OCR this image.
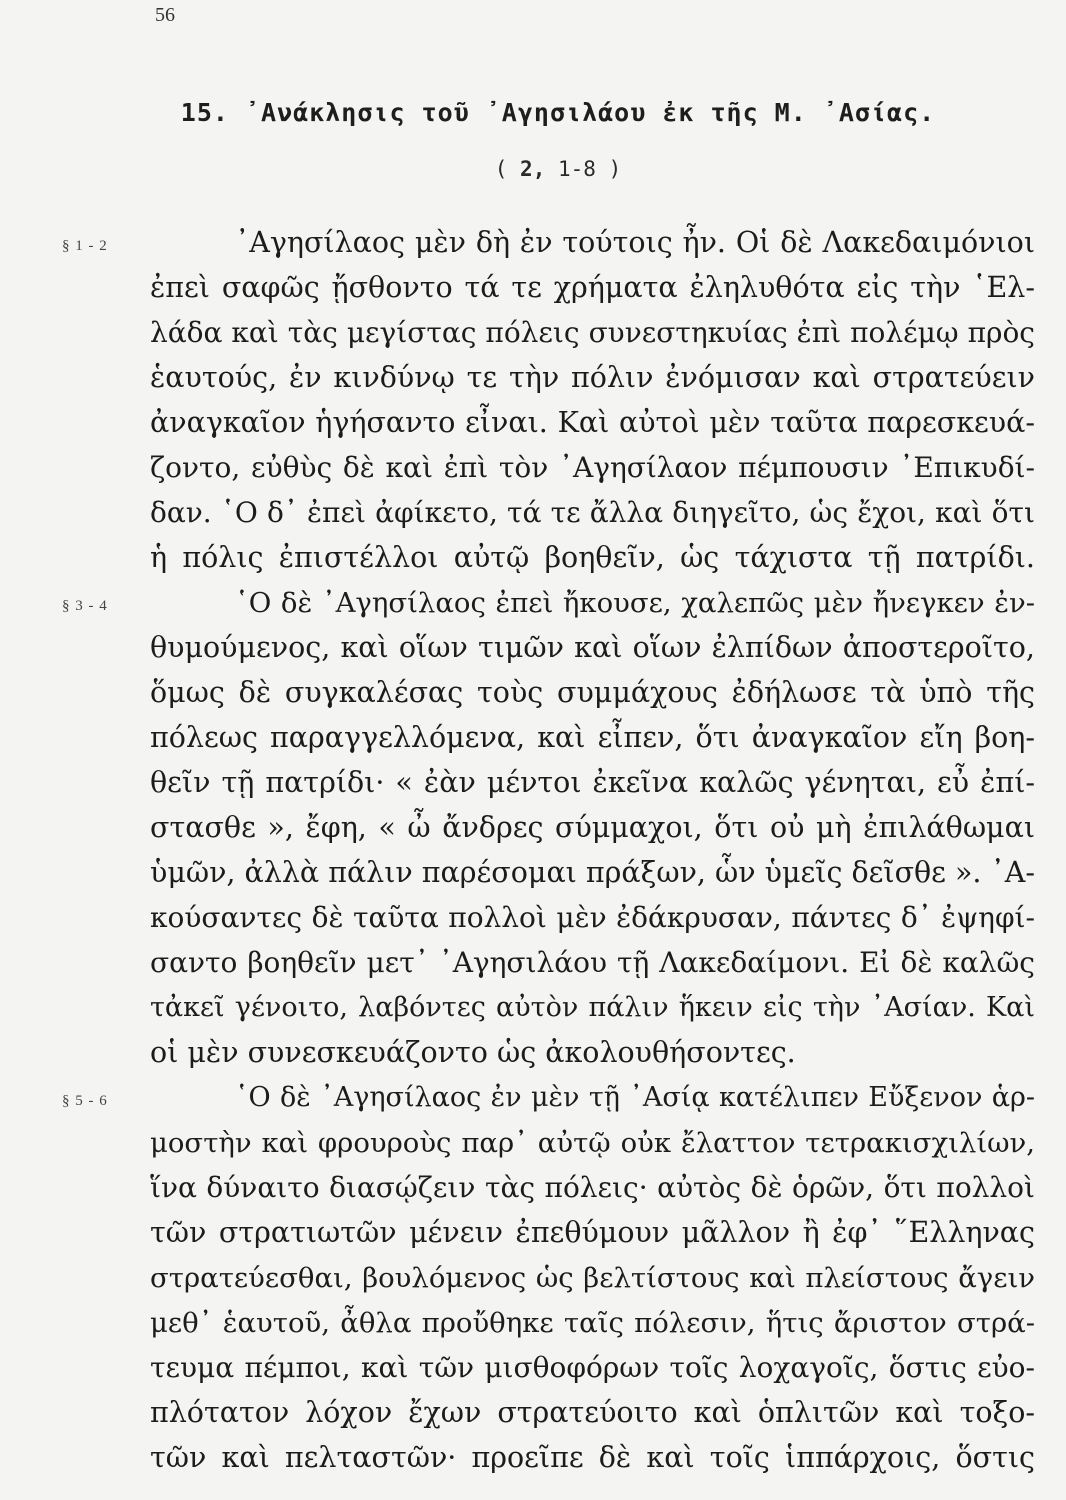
56
15. ᾿Ανάκλησις τοῦ ᾿Αγησιλάου ἐκ τῆς Μ. ᾿Ασίας.
( 2, 1-8 )
§ 1 - 2	᾿Αγησίλαος μὲν δὴ ἐν τούτοις ἦν. Οἱ δὲ Λακεδαιμόνιοι
ἐπεὶ σαφῶς ᾔσθοντο τά τε χρήματα ἐληλυθότα εἰς τὴν ῾Ελ-
λάδα καὶ τὰς μεγίστας πόλεις συνεστηκυίας ἐπὶ πολέμῳ πρὸς
ἑαυτούς, ἐν κινδύνῳ τε τὴν πόλιν ἐνόμισαν καὶ στρατεύειν
ἀναγκαῖον ἡγήσαντο εἶναι. Καὶ αὐτοὶ μὲν ταῦτα παρεσκευά-
ζοντο, εὐθὺς δὲ καὶ ἐπὶ τὸν ᾿Αγησίλαον πέμπουσιν ᾿Επικυδί-
δαν. ῾Ο δ᾿ ἐπεὶ ἀφίκετο, τά τε ἄλλα διηγεῖτο, ὡς ἔχοι, καὶ ὅτι
ἡ πόλις ἐπιστέλλοι αὐτῷ βοηθεῖν, ὡς τάχιστα τῇ πατρίδι.
§ 3 - 4	῾Ο δὲ ᾿Αγησίλαος ἐπεὶ ἤκουσε, χαλεπῶς μὲν ἤνεγκεν ἐν-
θυμούμενος, καὶ οἵων τιμῶν καὶ οἵων ἐλπίδων ἀποστεροῖτο,
ὅμως δὲ συγκαλέσας τοὺς συμμάχους ἐδήλωσε τὰ ὑπὸ τῆς
πόλεως παραγγελλόμενα, καὶ εἶπεν, ὅτι ἀναγκαῖον εἴη βοη-
θεῖν τῇ πατρίδι· « ἐὰν μέντοι ἐκεῖνα καλῶς γένηται, εὖ ἐπί-
στασθε », ἔφη, « ὦ ἄνδρες σύμμαχοι, ὅτι οὐ μὴ ἐπιλάθωμαι
ὑμῶν, ἀλλὰ πάλιν παρέσομαι πράξων, ὧν ὑμεῖς δεῖσθε ». ᾿Α-
κούσαντες δὲ ταῦτα πολλοὶ μὲν ἐδάκρυσαν, πάντες δ᾿ ἐψηφί-
σαντο βοηθεῖν μετ᾿ ᾿Αγησιλάου τῇ Λακεδαίμονι. Εἰ δὲ καλῶς
τἀκεῖ γένοιτο, λαβόντες αὐτὸν πάλιν ἥκειν εἰς τὴν ᾿Ασίαν. Καὶ
οἱ μὲν συνεσκευάζοντο ὡς ἀκολουθήσοντες.
§ 5 - 6	῾Ο δὲ ᾿Αγησίλαος ἐν μὲν τῇ ᾿Ασίᾳ κατέλιπεν Εὔξενον ἁρ-
μοστὴν καὶ φρουροὺς παρ᾿ αὐτῷ οὐκ ἔλαττον τετρακισχιλίων,
ἵνα δύναιτο διασῴζειν τὰς πόλεις· αὐτὸς δὲ ὁρῶν, ὅτι πολλοὶ
τῶν στρατιωτῶν μένειν ἐπεθύμουν μᾶλλον ἢ ἐφ᾿ ῞Ελληνας
στρατεύεσθαι, βουλόμενος ὡς βελτίστους καὶ πλείστους ἄγειν
μεθ᾿ ἑαυτοῦ, ἆθλα προὔθηκε ταῖς πόλεσιν, ἥτις ἄριστον στρά-
τευμα πέμποι, καὶ τῶν μισθοφόρων τοῖς λοχαγοῖς, ὅστις εὐο-
πλότατον λόχον ἔχων στρατεύοιτο καὶ ὁπλιτῶν καὶ τοξο-
τῶν καὶ πελταστῶν· προεῖπε δὲ καὶ τοῖς ἱππάρχοις, ὅστις
